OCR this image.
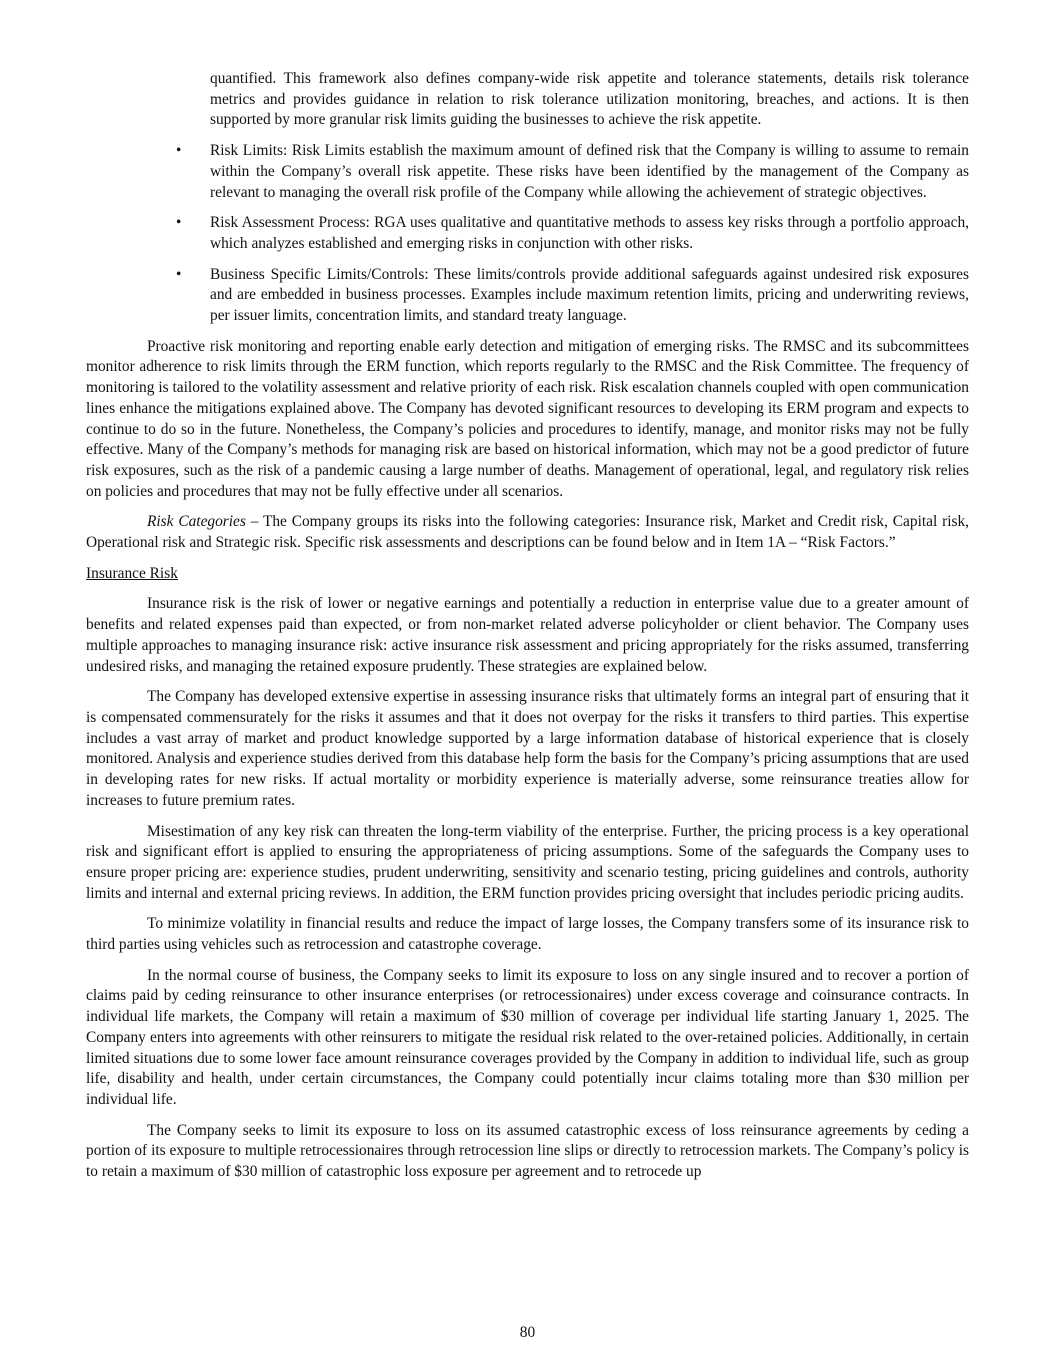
quantified. This framework also defines company-wide risk appetite and tolerance statements, details risk tolerance metrics and provides guidance in relation to risk tolerance utilization monitoring, breaches, and actions. It is then supported by more granular risk limits guiding the businesses to achieve the risk appetite.

•	Risk Limits: Risk Limits establish the maximum amount of defined risk that the Company is willing to assume to remain within the Company’s overall risk appetite. These risks have been identified by the management of the Company as relevant to managing the overall risk profile of the Company while allowing the achievement of strategic objectives.
•	Risk Assessment Process: RGA uses qualitative and quantitative methods to assess key risks through a portfolio approach, which analyzes established and emerging risks in conjunction with other risks.
•	Business Specific Limits/Controls: These limits/controls provide additional safeguards against undesired risk exposures and are embedded in business processes. Examples include maximum retention limits, pricing and underwriting reviews, per issuer limits, concentration limits, and standard treaty language.

Proactive risk monitoring and reporting enable early detection and mitigation of emerging risks. The RMSC and its subcommittees monitor adherence to risk limits through the ERM function, which reports regularly to the RMSC and the Risk Committee. The frequency of monitoring is tailored to the volatility assessment and relative priority of each risk. Risk escalation channels coupled with open communication lines enhance the mitigations explained above. The Company has devoted significant resources to developing its ERM program and expects to continue to do so in the future. Nonetheless, the Company’s policies and procedures to identify, manage, and monitor risks may not be fully effective. Many of the Company’s methods for managing risk are based on historical information, which may not be a good predictor of future risk exposures, such as the risk of a pandemic causing a large number of deaths. Management of operational, legal, and regulatory risk relies on policies and procedures that may not be fully effective under all scenarios.

Risk Categories – The Company groups its risks into the following categories: Insurance risk, Market and Credit risk, Capital risk, Operational risk and Strategic risk. Specific risk assessments and descriptions can be found below and in Item 1A – “Risk Factors.”

Insurance Risk

Insurance risk is the risk of lower or negative earnings and potentially a reduction in enterprise value due to a greater amount of benefits and related expenses paid than expected, or from non-market related adverse policyholder or client behavior. The Company uses multiple approaches to managing insurance risk: active insurance risk assessment and pricing appropriately for the risks assumed, transferring undesired risks, and managing the retained exposure prudently. These strategies are explained below.

The Company has developed extensive expertise in assessing insurance risks that ultimately forms an integral part of ensuring that it is compensated commensurately for the risks it assumes and that it does not overpay for the risks it transfers to third parties. This expertise includes a vast array of market and product knowledge supported by a large information database of historical experience that is closely monitored. Analysis and experience studies derived from this database help form the basis for the Company’s pricing assumptions that are used in developing rates for new risks. If actual mortality or morbidity experience is materially adverse, some reinsurance treaties allow for increases to future premium rates.

Misestimation of any key risk can threaten the long-term viability of the enterprise. Further, the pricing process is a key operational risk and significant effort is applied to ensuring the appropriateness of pricing assumptions. Some of the safeguards the Company uses to ensure proper pricing are: experience studies, prudent underwriting, sensitivity and scenario testing, pricing guidelines and controls, authority limits and internal and external pricing reviews. In addition, the ERM function provides pricing oversight that includes periodic pricing audits.

To minimize volatility in financial results and reduce the impact of large losses, the Company transfers some of its insurance risk to third parties using vehicles such as retrocession and catastrophe coverage.

In the normal course of business, the Company seeks to limit its exposure to loss on any single insured and to recover a portion of claims paid by ceding reinsurance to other insurance enterprises (or retrocessionaires) under excess coverage and coinsurance contracts. In individual life markets, the Company will retain a maximum of $30 million of coverage per individual life starting January 1, 2025. The Company enters into agreements with other reinsurers to mitigate the residual risk related to the over-retained policies. Additionally, in certain limited situations due to some lower face amount reinsurance coverages provided by the Company in addition to individual life, such as group life, disability and health, under certain circumstances, the Company could potentially incur claims totaling more than $30 million per individual life.

The Company seeks to limit its exposure to loss on its assumed catastrophic excess of loss reinsurance agreements by ceding a portion of its exposure to multiple retrocessionaires through retrocession line slips or directly to retrocession markets. The Company’s policy is to retain a maximum of $30 million of catastrophic loss exposure per agreement and to retrocede up

80
